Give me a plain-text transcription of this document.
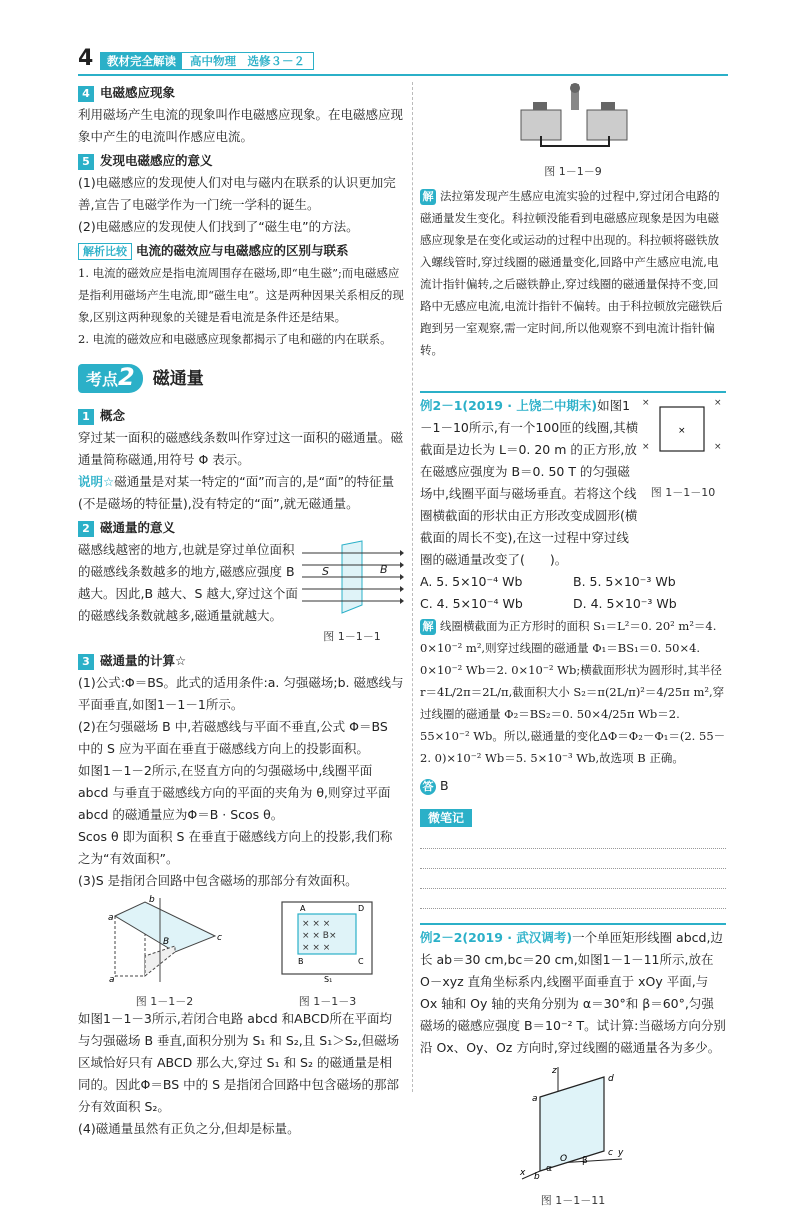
4	教材完全解读	高中物理　选修３－２
4 电磁感应现象
利用磁场产生电流的现象叫作电磁感应现象。在电磁感应现象中产生的电流叫作感应电流。
5 发现电磁感应的意义
(1)电磁感应的发现使人们对电与磁内在联系的认识更加完善,宣告了电磁学作为一门统一学科的诞生。
(2)电磁感应的发现使人们找到了“磁生电”的方法。
解析比较 电流的磁效应与电磁感应的区别与联系
1. 电流的磁效应是指电流周围存在磁场,即“电生磁”;而电磁感应是指利用磁场产生电流,即“磁生电”。这是两种因果关系相反的现象,区别这两种现象的关键是看电流是条件还是结果。
2. 电流的磁效应和电磁感应现象都揭示了电和磁的内在联系。
考点2	磁通量
1 概念
穿过某一面积的磁感线条数叫作穿过这一面积的磁通量。磁通量简称磁通,用符号 Φ 表示。
说明☆磁通量是对某一特定的“面”而言的,是“面”的特征量(不是磁场的特征量),没有特定的“面”,就无磁通量。
2 磁通量的意义
磁感线越密的地方,也就是穿过单位面积的磁感线条数越多的地方,磁感应强度 B 越大。因此,B 越大、S 越大,穿过这个面的磁感线条数就越多,磁通量就越大。
S	B
图 1－1－1
3 磁通量的计算☆
(1)公式:Φ＝BS。此式的适用条件:a. 匀强磁场;b. 磁感线与平面垂直,如图1－1－1所示。
(2)在匀强磁场 B 中,若磁感线与平面不垂直,公式 Φ＝BS 中的 S 应为平面在垂直于磁感线方向上的投影面积。
如图1－1－2所示,在竖直方向的匀强磁场中,线圈平面 abcd 与垂直于磁感线方向的平面的夹角为 θ,则穿过平面 abcd 的磁通量应为Φ＝B · Scos θ。
Scos θ 即为面积 S 在垂直于磁感线方向上的投影,我们称之为“有效面积”。
(3)S 是指闭合回路中包含磁场的那部分有效面积。
a
b
c
B
a′
图 1－1－2
× × ×
× × B×
× × ×
A	D
B	C
S₁
图 1－1－3
如图1－1－3所示,若闭合电路 abcd 和ABCD所在平面均与匀强磁场 B 垂直,面积分别为 S₁ 和 S₂,且 S₁＞S₂,但磁场区域恰好只有 ABCD 那么大,穿过 S₁ 和 S₂ 的磁通量是相同的。因此Φ＝BS 中的 S 是指闭合回路中包含磁场的那部分有效面积 S₂。
(4)磁通量虽然有正负之分,但却是标量。
图 1－1－9
解 法拉第发现产生感应电流实验的过程中,穿过闭合电路的磁通量发生变化。科拉顿没能看到电磁感应现象是因为电磁感应现象是在变化或运动的过程中出现的。科拉顿将磁铁放入螺线管时,穿过线圈的磁通量变化,回路中产生感应电流,电流计指针偏转,之后磁铁静止,穿过线圈的磁通量保持不变,回路中无感应电流,电流计指针不偏转。由于科拉顿放完磁铁后跑到另一室观察,需一定时间,所以他观察不到电流计指针偏转。
例2－1(2019 · 上饶二中期末)如图1－1－10所示,有一个100匝的线圈,其横截面是边长为 L＝0. 20 m 的正方形,放在磁感应强度为 B＝0. 50 T 的匀强磁场中,线圈平面与磁场垂直。若将这个线圈横截面的形状由正方形改变成圆形(横截面的周长不变),在这一过程中穿过线圈的磁通量改变了(　　)。
×	×
×	×
×
图 1－1－10
A. 5. 5×10⁻⁴ Wb	B. 5. 5×10⁻³ Wb
C. 4. 5×10⁻⁴ Wb	D. 4. 5×10⁻³ Wb
解 线圈横截面为正方形时的面积 S₁＝L²＝0. 20² m²＝4. 0×10⁻² m²,则穿过线圈的磁通量 Φ₁＝BS₁＝0. 50×4. 0×10⁻² Wb＝2. 0×10⁻² Wb;横截面形状为圆形时,其半径 r＝4L/2π＝2L/π,截面积大小 S₂＝π(2L/π)²＝4/25π m²,穿过线圈的磁通量 Φ₂＝BS₂＝0. 50×4/25π Wb＝2. 55×10⁻² Wb。所以,磁通量的变化ΔΦ＝Φ₂－Φ₁＝(2. 55－2. 0)×10⁻² Wb＝5. 5×10⁻³ Wb,故选项 B 正确。
答 B
微笔记
例2－2(2019 · 武汉调考)一个单匝矩形线圈 abcd,边长 ab＝30 cm,bc＝20 cm,如图1－1－11所示,放在 O－xyz 直角坐标系内,线圈平面垂直于 xOy 平面,与 Ox 轴和 Oy 轴的夹角分别为 α＝30°和 β＝60°,匀强磁场的磁感应强度 B＝10⁻² T。试计算:当磁场方向分别沿 Ox、Oy、Oz 方向时,穿过线圈的磁通量各为多少。
z
y
x
a
d
c
b
O
α
β
图 1－1－11
